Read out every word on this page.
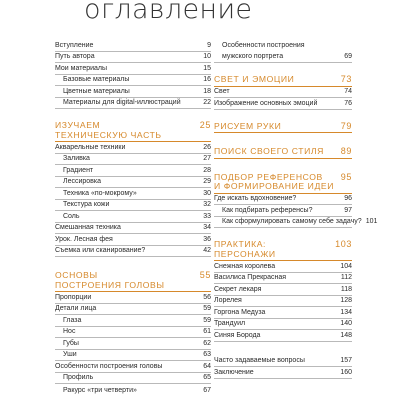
оглавление
Вступление	9
Путь автора	10
Мои материалы	15
Базовые материалы	16
Цветные материалы	18
Материалы для digital-иллюстраций	22
ИЗУЧАЕМ
ТЕХНИЧЕСКУЮ ЧАСТЬ
25
Акварельные техники	26
Заливка	27
Градиент	28
Лессировка	29
Техника «по-мокрому»	30
Текстура кожи	32
Соль	33
Смешанная техника	34
Урок. Лесная фея	36
Съемка или сканирование?	42
ОСНОВЫ
ПОСТРОЕНИЯ ГОЛОВЫ
55
Пропорции	56
Детали лица	59
Глаза	59
Нос	61
Губы	62
Уши	63
Особенности построения головы	64
Профиль	65
Ракурс «три четверти»	67
Особенности построения
мужского портрета	69
СВЕТ И ЭМОЦИИ	73
Свет	74
Изображение основных эмоций	76
РИСУЕМ РУКИ	79
ПОИСК СВОЕГО СТИЛЯ 89
ПОДБОР РЕФЕРЕНСОВ
И ФОРМИРОВАНИЕ ИДЕИ
95
Где искать вдохновение?	96
Как подбирать референсы?	97
Как сформулировать самому себе задачу? 101
ПРАКТИКА:
ПЕРСОНАЖИ
103
Снежная королева	104
Василиса Прекрасная	112
Секрет лекаря	118
Лорелея	128
Горгона Медуза	134
Трандуил	140
Синяя Борода	148
Часто задаваемые вопросы	157
Заключение	160
